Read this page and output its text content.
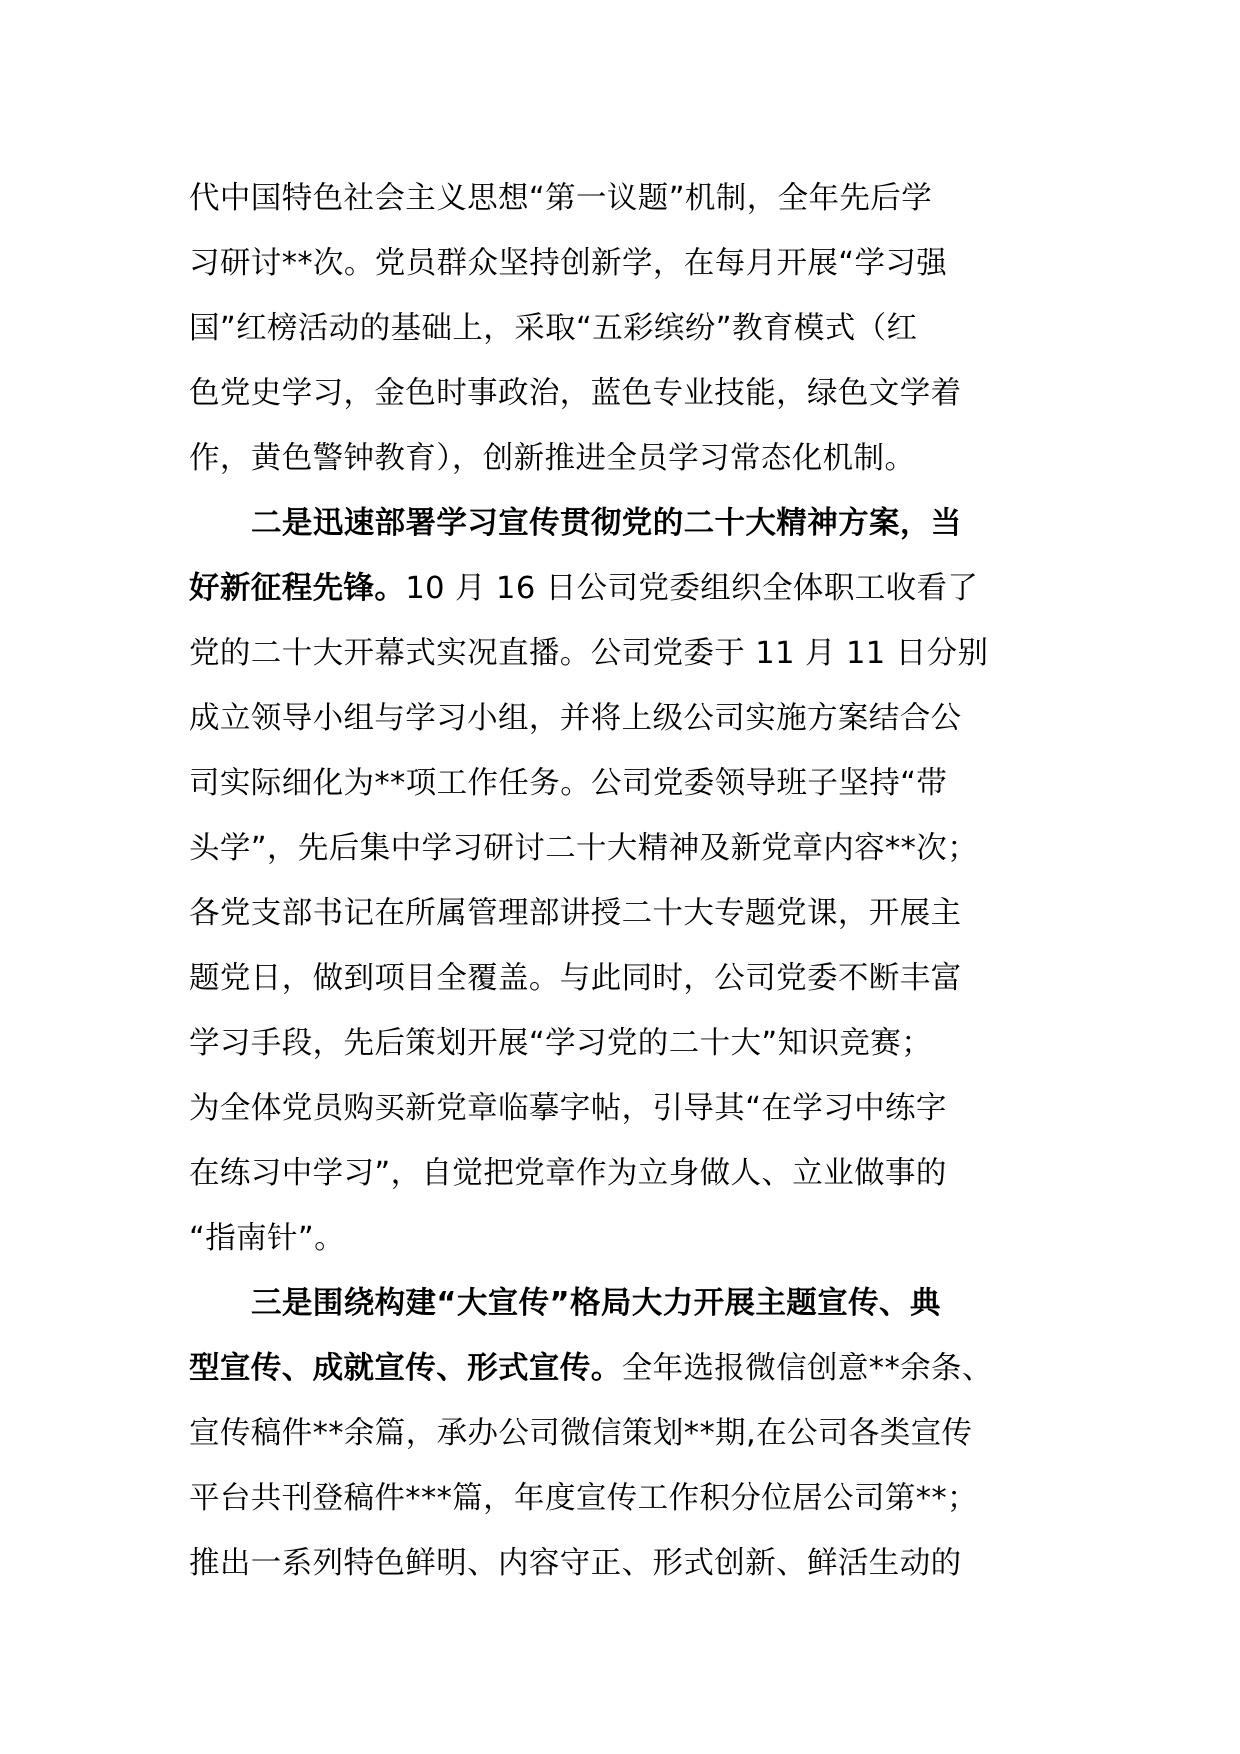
代中国特色社会主义思想“第一议题”机制，全年先后学
习研讨**次。党员群众坚持创新学，在每月开展“学习强
国”红榜活动的基础上，采取“五彩缤纷”教育模式（红
色党史学习，金色时事政治，蓝色专业技能，绿色文学着
作，黄色警钟教育），创新推进全员学习常态化机制。
二是迅速部署学习宣传贯彻党的二十大精神方案，当
好新征程先锋。10 月 16 日公司党委组织全体职工收看了
党的二十大开幕式实况直播。公司党委于 11 月 11 日分别
成立领导小组与学习小组，并将上级公司实施方案结合公
司实际细化为**项工作任务。公司党委领导班子坚持“带
头学”，先后集中学习研讨二十大精神及新党章内容**次；
各党支部书记在所属管理部讲授二十大专题党课，开展主
题党日，做到项目全覆盖。与此同时，公司党委不断丰富
学习手段，先后策划开展“学习党的二十大”知识竞赛；
为全体党员购买新党章临摹字帖，引导其“在学习中练字
在练习中学习”，自觉把党章作为立身做人、立业做事的
“指南针”。
三是围绕构建“大宣传”格局大力开展主题宣传、典
型宣传、成就宣传、形式宣传。全年选报微信创意**余条、
宣传稿件**余篇，承办公司微信策划**期,在公司各类宣传
平台共刊登稿件***篇，年度宣传工作积分位居公司第**；
推出一系列特色鲜明、内容守正、形式创新、鲜活生动的
